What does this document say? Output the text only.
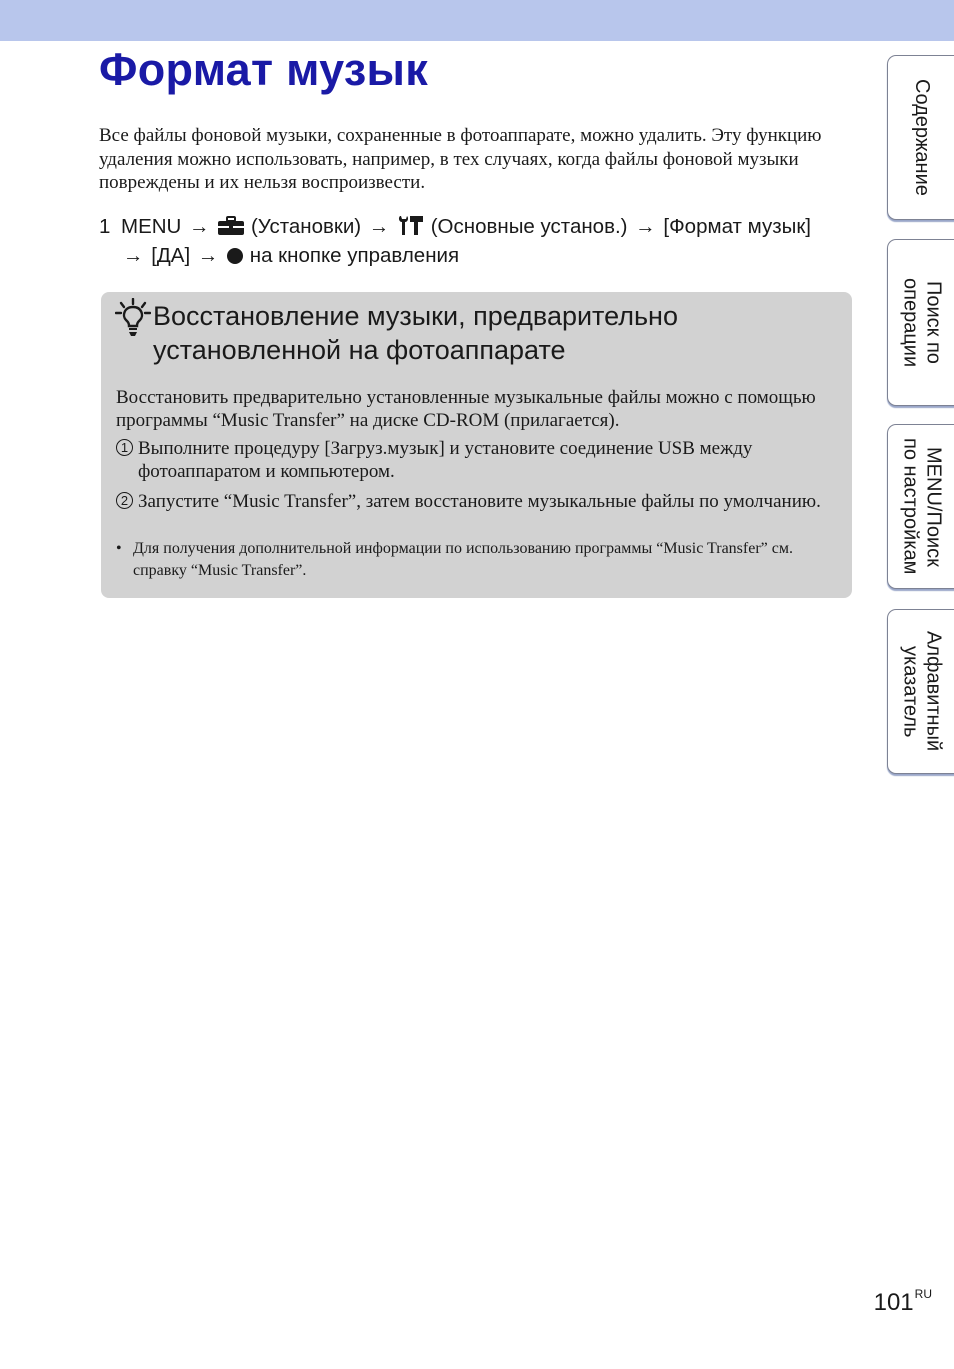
Формат музык

Все файлы фоновой музыки, сохраненные в фотоаппарате, можно удалить. Эту функцию удаления можно использовать, например, в тех случаях, когда файлы фоновой музыки повреждены и их нельзя воспроизвести.

1 MENU → (Установки) → (Основные установ.) → [Формат музык] → [ДА] → на кнопке управления
Восстановление музыки, предварительно установленной на фотоаппарате

Восстановить предварительно установленные музыкальные файлы можно с помощью программы “Music Transfer” на диске CD-ROM (прилагается).

1 Выполните процедуру [Загруз.музык] и установите соединение USB между фотоаппаратом и компьютером.
2 Запустите “Music Transfer”, затем восстановите музыкальные файлы по умолчанию.
• Для получения дополнительной информации по использованию программы “Music Transfer” см. справку “Music Transfer”.
Содержание
Поиск по
операции
MENU/Поиск
по настройкам
Алфавитный
указатель
$101^{RU}$
